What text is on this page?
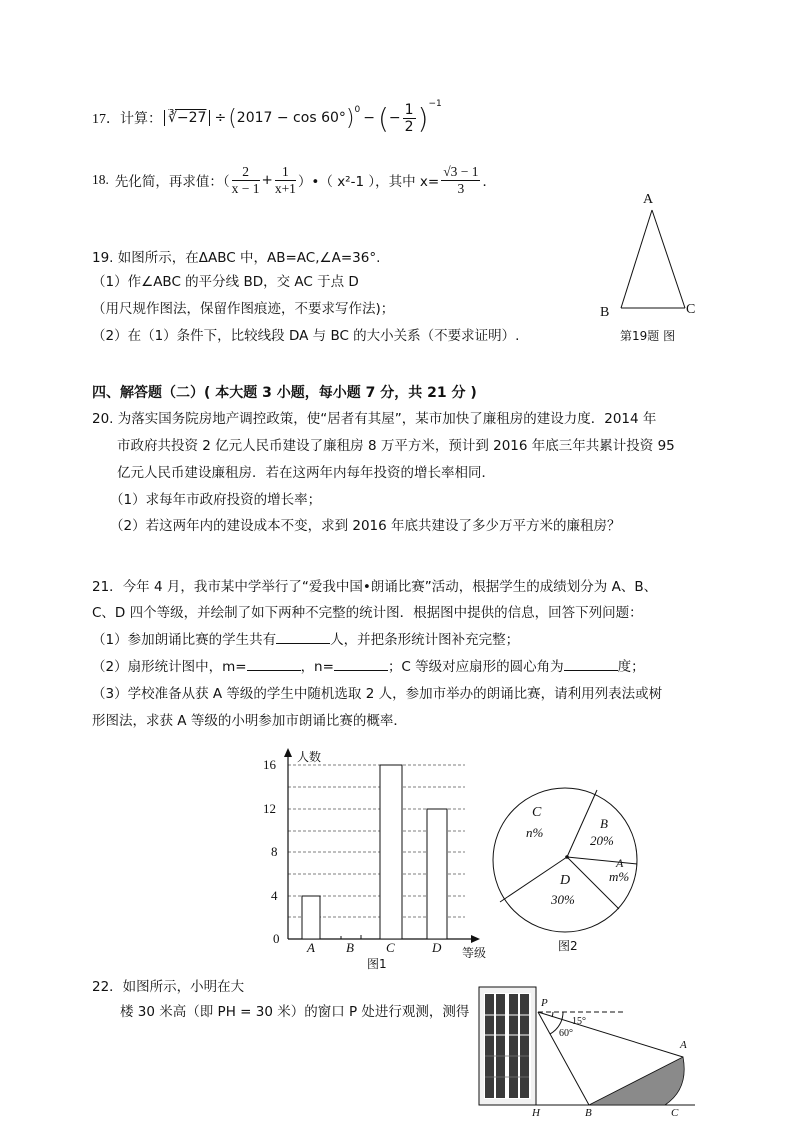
17． 计算： ∛−27 ÷ ( 2017 − cos 60° )$^0$ − ( − $\frac{1}{2} )^{-1}$
18. 先化简，再求值：（ $\frac{2}{x - 1} + \frac{1}{x+1}$ ）•（ x²-1 ），其中 $x= \frac{√3 - 1}{3}$ ．
19. 如图所示，在ΔABC 中，AB=AC,∠A=36°.
（1）作∠ABC 的平分线 BD，交 AC 于点 D
（用尺规作图法，保留作图痕迹，不要求写作法)；
（2）在（1）条件下，比较线段 DA 与 BC 的大小关系（不要求证明）.
A
B	C
第19题 图
四、解答题（二）( 本大题 3 小题，每小题 7 分，共 21 分 )
20. 为落实国务院房地产调控政策，使“居者有其屋”，某市加快了廉租房的建设力度．2014 年
市政府共投资 2 亿元人民币建设了廉租房 8 万平方米，预计到 2016 年底三年共累计投资 95
亿元人民币建设廉租房．若在这两年内每年投资的增长率相同．
（1）求每年市政府投资的增长率；
（2）若这两年内的建设成本不变，求到 2016 年底共建设了多少万平方米的廉租房？
21．今年 4 月，我市某中学举行了“爱我中国•朗诵比赛”活动，根据学生的成绩划分为 A、B、
C、D 四个等级，并绘制了如下两种不完整的统计图．根据图中提供的信息，回答下列问题：
（1）参加朗诵比赛的学生共有	人，并把条形统计图补充完整；
（2）扇形统计图中，m=	，n=	；C 等级对应扇形的圆心角为	度；
（3）学校准备从获 A 等级的学生中随机选取 2 人，参加市举办的朗诵比赛，请利用列表法或树
形图法，求获 A 等级的小明参加市朗诵比赛的概率．
人数
16
12
8
4
0
A B C	D 等级
图1
C
n%
B
20%
A
m%
D
30%
图2
22．如图所示，小明在大
楼 30 米高（即 PH = 30 米）的窗口 P 处进行观测，测得
P
15°
60°
A
H	B	C
